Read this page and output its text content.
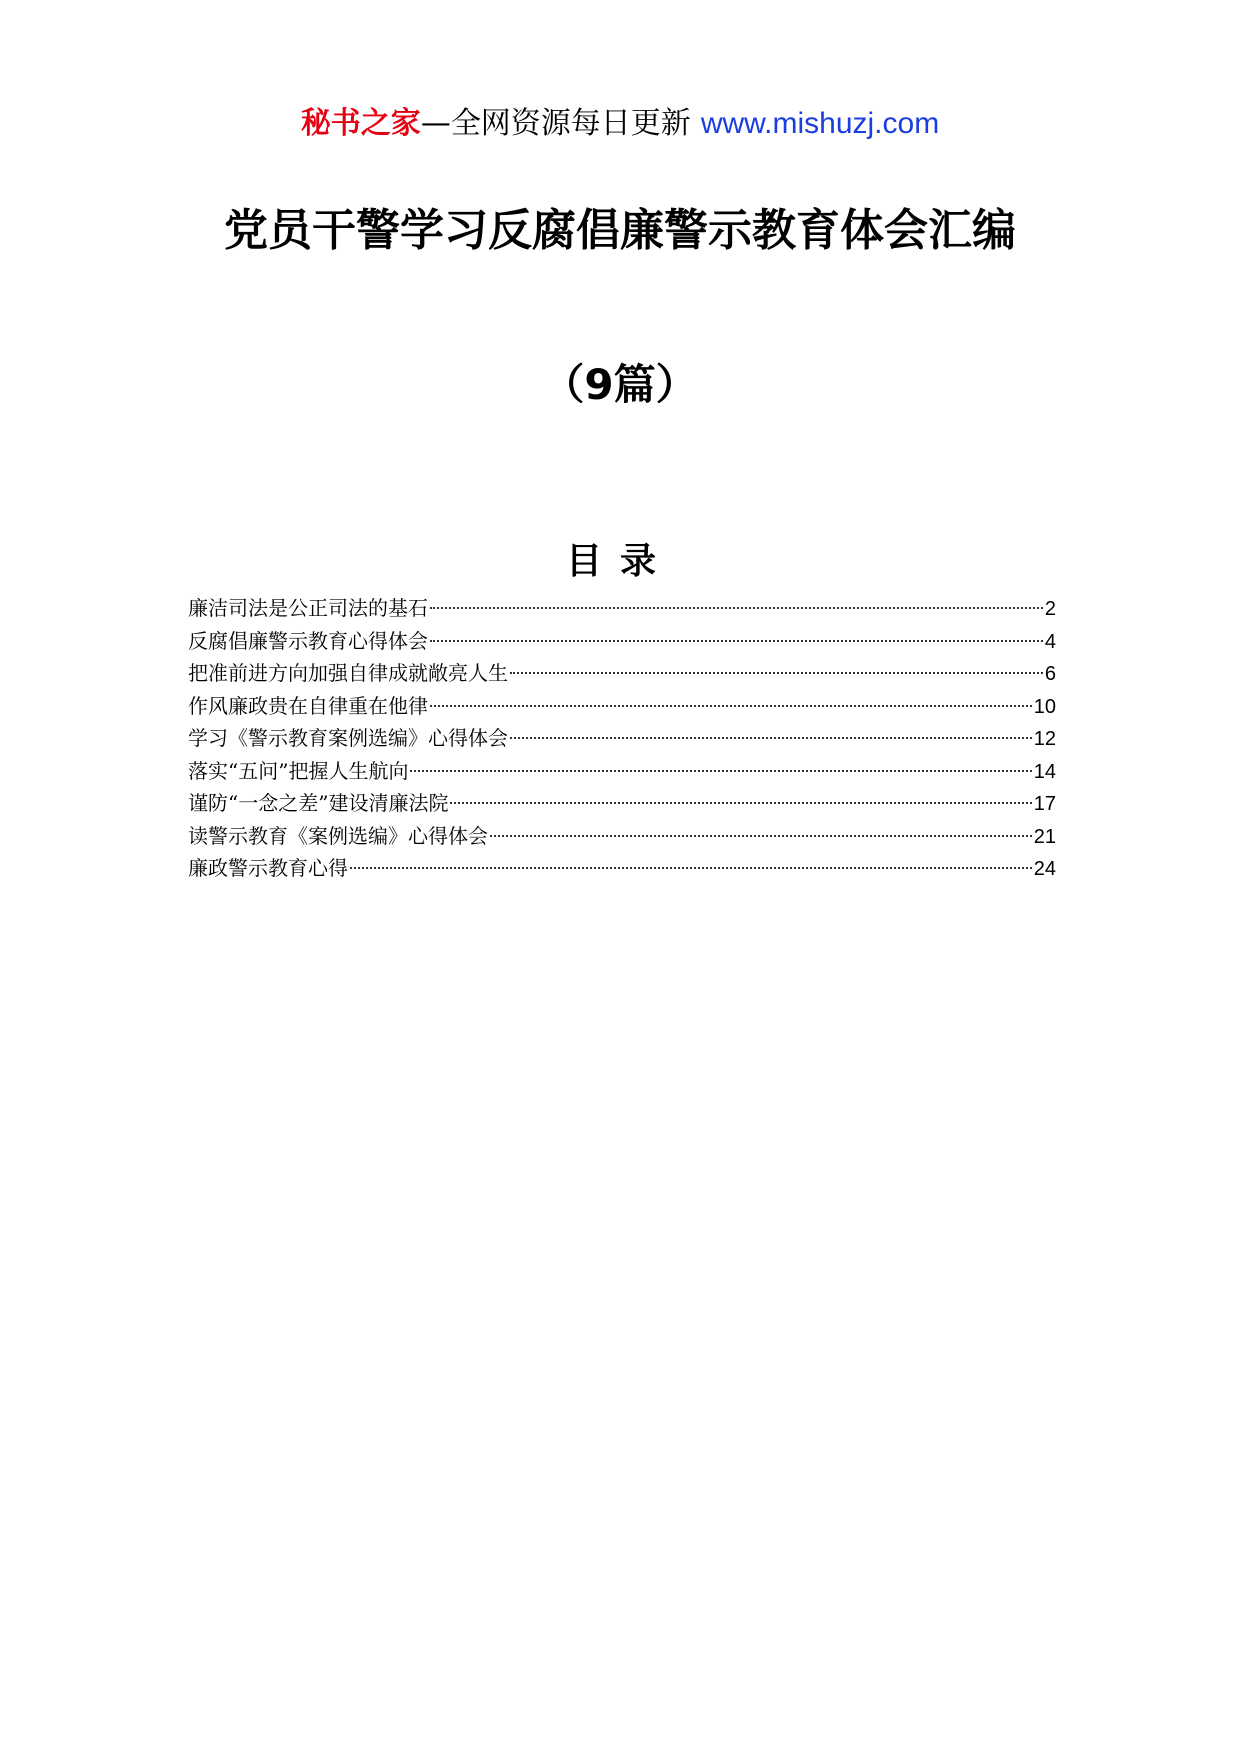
秘书之家—全网资源每日更新 www.mishuzj.com
党员干警学习反腐倡廉警示教育体会汇编
（9篇）
目录
廉洁司法是公正司法的基石	2
反腐倡廉警示教育心得体会	4
把准前进方向加强自律成就敞亮人生	6
作风廉政贵在自律重在他律	10
学习《警示教育案例选编》心得体会	12
落实“五问”把握人生航向	14
谨防“一念之差”建设清廉法院	17
读警示教育《案例选编》心得体会	21
廉政警示教育心得	24
